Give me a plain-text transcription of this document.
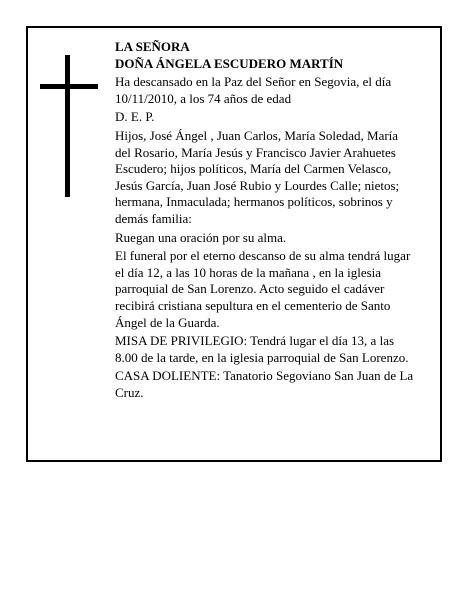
LA SEÑORA

DOÑA ÁNGELA ESCUDERO MARTÍN

Ha descansado en la Paz del Señor en Segovia, el día 10/11/2010, a los 74 años de edad

D. E. P.

Hijos, José Ángel , Juan Carlos, María Soledad, María del Rosario, María Jesús y Francisco Javier Arahuetes Escudero; hijos políticos, María del Carmen Velasco, Jesús García, Juan José Rubio y Lourdes Calle; nietos; hermana, Inmaculada; hermanos políticos, sobrinos y demás familia:

Ruegan una oración por su alma.

El funeral por el eterno descanso de su alma tendrá lugar el día 12, a las 10 horas de la mañana , en la iglesia parroquial de San Lorenzo. Acto seguido el cadáver recibirá cristiana sepultura en el cementerio de Santo Ángel de la Guarda.

MISA DE PRIVILEGIO: Tendrá lugar el día 13, a las 8.00 de la tarde, en la iglesia parroquial de San Lorenzo.

CASA DOLIENTE: Tanatorio Segoviano San Juan de La Cruz.
